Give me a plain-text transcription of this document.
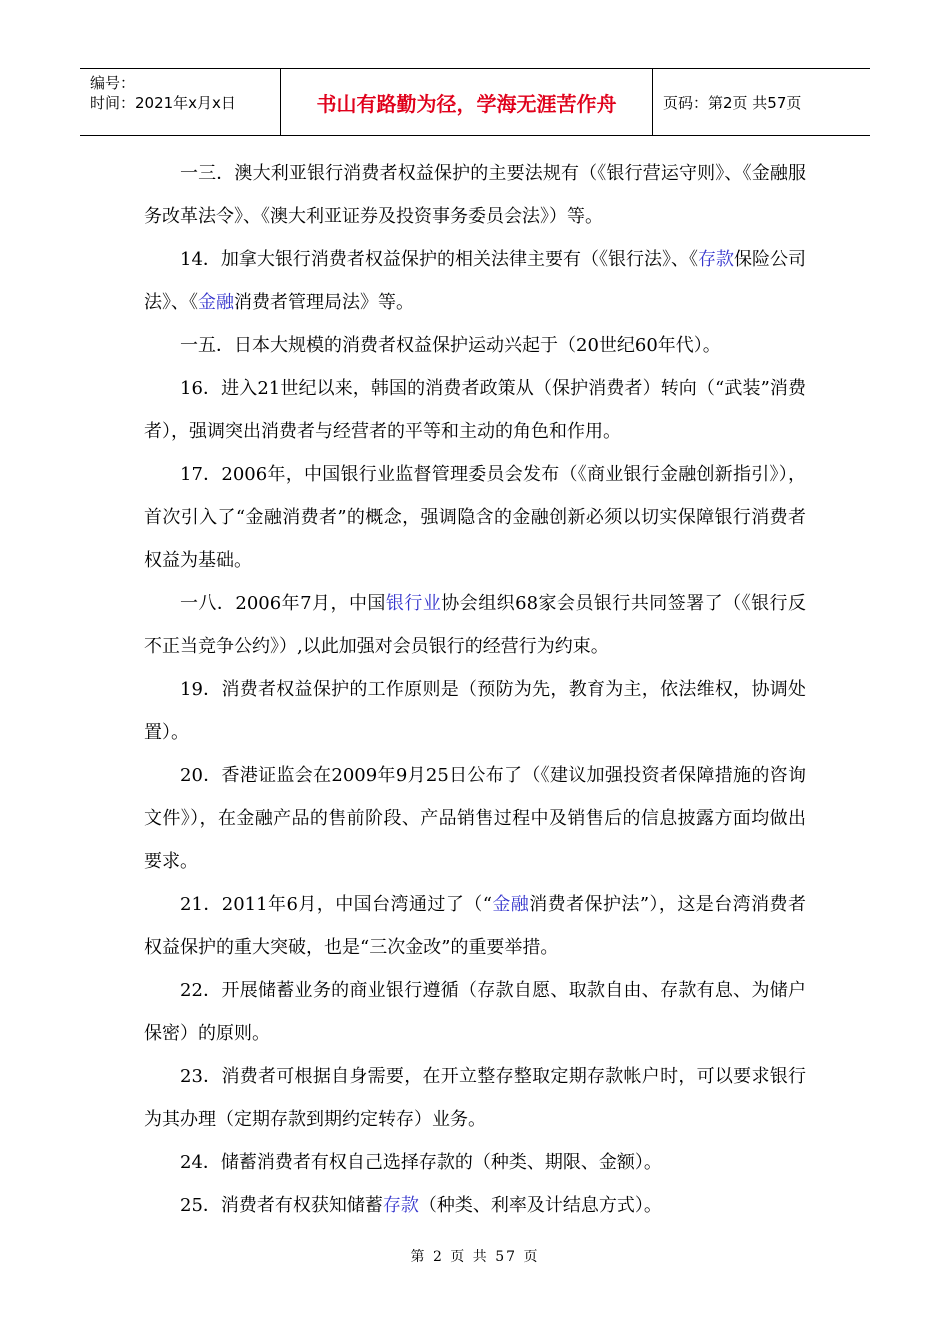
编号：
时间：2021年x月x日	书山有路勤为径，学海无涯苦作舟	页码：第2页 共57页

一三．澳大利亚银行消费者权益保护的主要法规有（《银行营运守则》、《金融服务改革法令》、《澳大利亚证券及投资事务委员会法》）等。

14．加拿大银行消费者权益保护的相关法律主要有（《银行法》、《存款保险公司法》、《金融消费者管理局法》等。

一五．日本大规模的消费者权益保护运动兴起于（20世纪60年代）。

16．进入21世纪以来，韩国的消费者政策从（保护消费者）转向（“武装”消费者），强调突出消费者与经营者的平等和主动的角色和作用。

17．2006年，中国银行业监督管理委员会发布（《商业银行金融创新指引》），首次引入了“金融消费者”的概念，强调隐含的金融创新必须以切实保障银行消费者权益为基础。

一八．2006年7月，中国银行业协会组织68家会员银行共同签署了（《银行反不正当竞争公约》）,以此加强对会员银行的经营行为约束。

19．消费者权益保护的工作原则是（预防为先，教育为主，依法维权，协调处置）。

20．香港证监会在2009年9月25日公布了（《建议加强投资者保障措施的咨询文件》），在金融产品的售前阶段、产品销售过程中及销售后的信息披露方面均做出要求。

21．2011年6月，中国台湾通过了（“金融消费者保护法”），这是台湾消费者权益保护的重大突破，也是“三次金改”的重要举措。

22．开展储蓄业务的商业银行遵循（存款自愿、取款自由、存款有息、为储户保密）的原则。

23．消费者可根据自身需要，在开立整存整取定期存款帐户时，可以要求银行为其办理（定期存款到期约定转存）业务。

24．储蓄消费者有权自己选择存款的（种类、期限、金额）。

25．消费者有权获知储蓄存款（种类、利率及计结息方式）。

第 2 页 共 57 页
